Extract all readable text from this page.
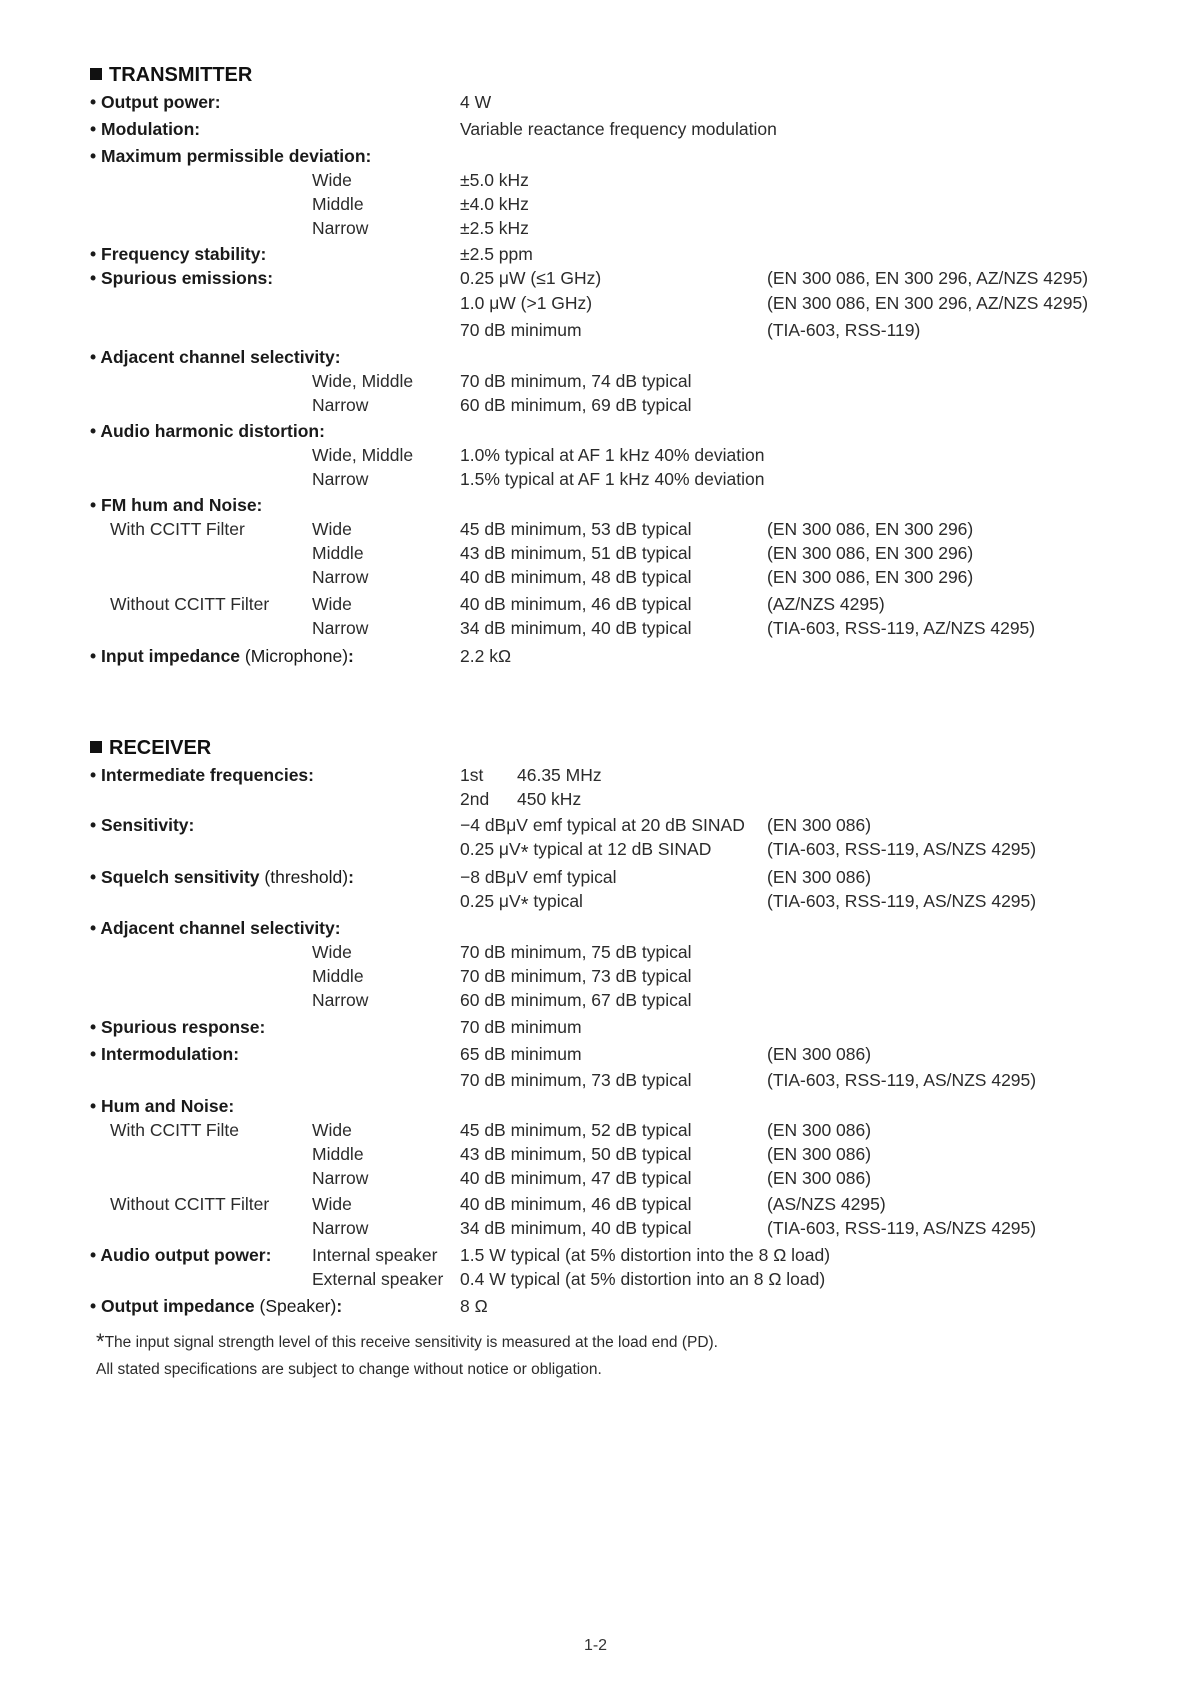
TRANSMITTER
• Output power:	4 W
• Modulation:	Variable reactance frequency modulation
• Maximum permissible deviation:
Wide	±5.0 kHz
Middle	±4.0 kHz
Narrow	±2.5 kHz
• Frequency stability:	±2.5 ppm
• Spurious emissions:	0.25 μW (≤1 GHz)	(EN 300 086, EN 300 296, AZ/NZS 4295)
1.0 μW (>1 GHz)	(EN 300 086, EN 300 296, AZ/NZS 4295)
70 dB minimum	(TIA-603, RSS-119)
• Adjacent channel selectivity:
Wide, Middle	70 dB minimum, 74 dB typical
Narrow	60 dB minimum, 69 dB typical
• Audio harmonic distortion:
Wide, Middle	1.0% typical at AF 1 kHz 40% deviation
Narrow	1.5% typical at AF 1 kHz 40% deviation
• FM hum and Noise:
With CCITT Filter	Wide	45 dB minimum, 53 dB typical	(EN 300 086, EN 300 296)
Middle	43 dB minimum, 51 dB typical	(EN 300 086, EN 300 296)
Narrow	40 dB minimum, 48 dB typical	(EN 300 086, EN 300 296)
Without CCITT Filter Wide	40 dB minimum, 46 dB typical	(AZ/NZS 4295)
Narrow	34 dB minimum, 40 dB typical	(TIA-603, RSS-119, AZ/NZS 4295)
• Input impedance (Microphone):	2.2 kΩ
RECEIVER
• Intermediate frequencies:	1st 46.35 MHz
2nd 450 kHz
• Sensitivity:	−4 dBμV emf typical at 20 dB SINAD (EN 300 086)
0.25 μV* typical at 12 dB SINAD	(TIA-603, RSS-119, AS/NZS 4295)
• Squelch sensitivity (threshold):	−8 dBμV emf typical	(EN 300 086)
0.25 μV* typical	(TIA-603, RSS-119, AS/NZS 4295)
• Adjacent channel selectivity:
Wide	70 dB minimum, 75 dB typical
Middle	70 dB minimum, 73 dB typical
Narrow	60 dB minimum, 67 dB typical
• Spurious response:	70 dB minimum
• Intermodulation:	65 dB minimum	(EN 300 086)
70 dB minimum, 73 dB typical	(TIA-603, RSS-119, AS/NZS 4295)
• Hum and Noise:
With CCITT Filte	Wide	45 dB minimum, 52 dB typical	(EN 300 086)
Middle	43 dB minimum, 50 dB typical	(EN 300 086)
Narrow	40 dB minimum, 47 dB typical	(EN 300 086)
Without CCITT Filter Wide	40 dB minimum, 46 dB typical	(AS/NZS 4295)
Narrow	34 dB minimum, 40 dB typical	(TIA-603, RSS-119, AS/NZS 4295)
• Audio output power: Internal speaker 1.5 W typical (at 5% distortion into the 8 Ω load)
External speaker 0.4 W typical (at 5% distortion into an 8 Ω load)
• Output impedance (Speaker):	8 Ω
*The input signal strength level of this receive sensitivity is measured at the load end (PD).
All stated specifications are subject to change without notice or obligation.
1-2
